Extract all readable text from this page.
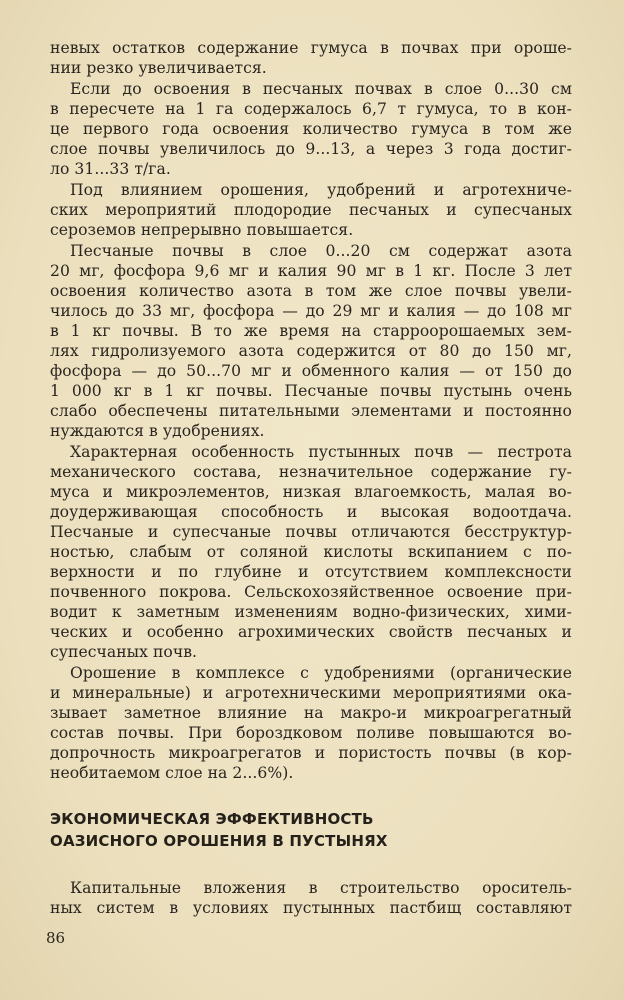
невых остатков содержание гумуса в почвах при ороше-
нии резко увеличивается.
Если до освоения в песчаных почвах в слое 0...30 см
в пересчете на 1 га содержалось 6,7 т гумуса, то в кон-
це первого года освоения количество гумуса в том же
слое почвы увеличилось до 9...13, а через 3 года достиг-
ло 31...33 т/га.
Под влиянием орошения, удобрений и агротехниче-
ских мероприятий плодородие песчаных и супесчаных
сероземов непрерывно повышается.
Песчаные почвы в слое 0...20 см содержат азота
20 мг, фосфора 9,6 мг и калия 90 мг в 1 кг. После 3 лет
освоения количество азота в том же слое почвы увели-
чилось до 33 мг, фосфора — до 29 мг и калия — до 108 мг
в 1 кг почвы. В то же время на старроорошаемых зем-
лях гидролизуемого азота содержится от 80 до 150 мг,
фосфора — до 50...70 мг и обменного калия — от 150 до
1 000 кг в 1 кг почвы. Песчаные почвы пустынь очень
слабо обеспечены питательными элементами и постоянно
нуждаются в удобрениях.
Характерная особенность пустынных почв — пестрота
механического состава, незначительное содержание гу-
муса и микроэлементов, низкая влагоемкость, малая во-
доудерживающая способность и высокая водоотдача.
Песчаные и супесчаные почвы отличаются бесструктур-
ностью, слабым от соляной кислоты вскипанием с по-
верхности и по глубине и отсутствием комплексности
почвенного покрова. Сельскохозяйственное освоение при-
водит к заметным изменениям водно-физических, хими-
ческих и особенно агрохимических свойств песчаных и
супесчаных почв.
Орошение в комплексе с удобрениями (органические
и минеральные) и агротехническими мероприятиями ока-
зывает заметное влияние на макро-и микроагрегатный
состав почвы. При бороздковом поливе повышаются во-
допрочность микроагрегатов и пористость почвы (в кор-
необитаемом слое на 2...6%).
ЭКОНОМИЧЕСКАЯ ЭФФЕКТИВНОСТЬ
ОАЗИСНОГО ОРОШЕНИЯ В ПУСТЫНЯХ
Капитальные вложения в строительство ороситель-
ных систем в условиях пустынных пастбищ составляют
86
